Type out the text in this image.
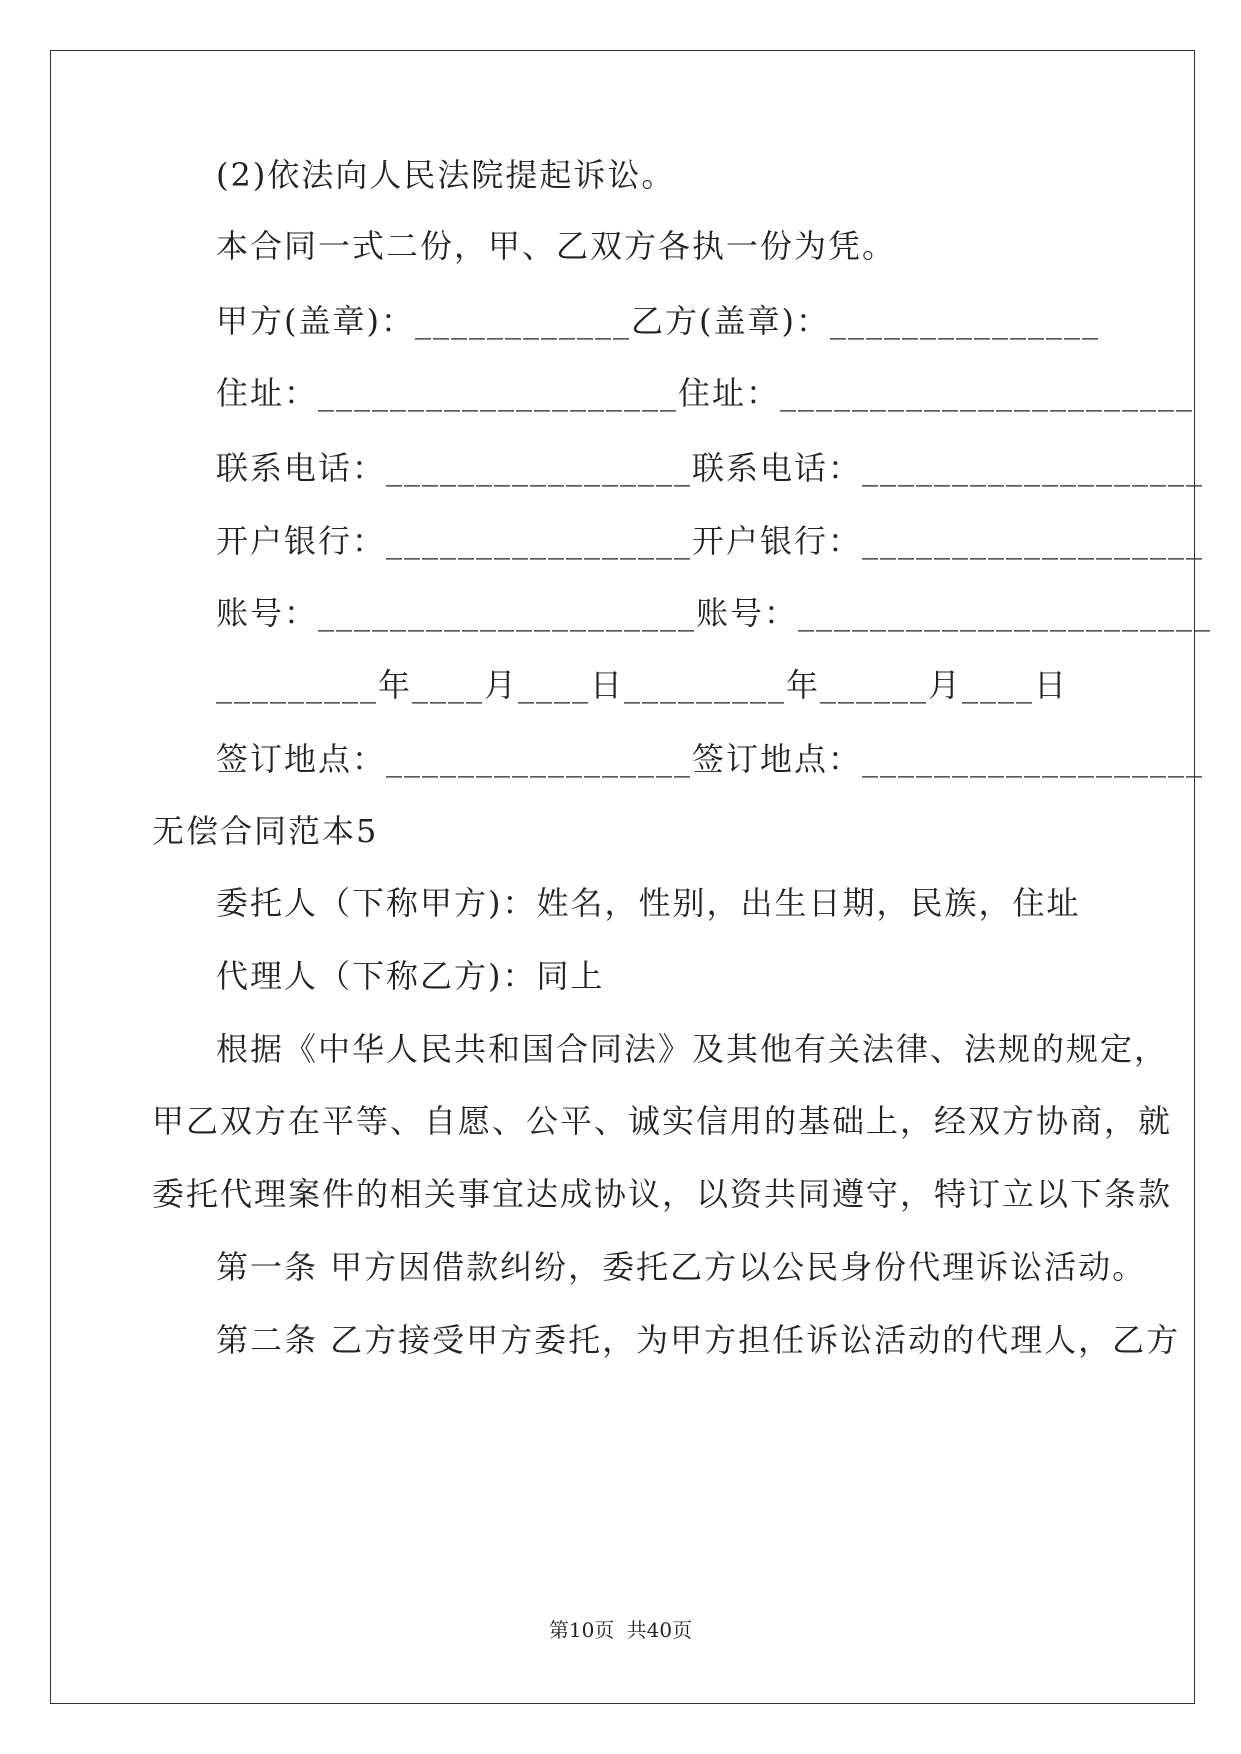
(2)依法向人民法院提起诉讼。
本合同一式二份，甲、乙双方各执一份为凭。
甲方(盖章)：____________乙方(盖章)：_______________
住址：____________________住址：_______________________
联系电话：_________________联系电话：___________________
开户银行：_________________开户银行：___________________
账号：_____________________账号：_______________________
_________年____月____日_________年______月____日
签订地点：_________________签订地点：___________________
无偿合同范本5
委托人（下称甲方)：姓名，性别，出生日期，民族，住址
代理人（下称乙方)：同上
根据《中华人民共和国合同法》及其他有关法律、法规的规定，
甲乙双方在平等、自愿、公平、诚实信用的基础上，经双方协商，就
委托代理案件的相关事宜达成协议，以资共同遵守，特订立以下条款
第一条 甲方因借款纠纷，委托乙方以公民身份代理诉讼活动。
第二条 乙方接受甲方委托，为甲方担任诉讼活动的代理人，乙方
第10页 共40页
